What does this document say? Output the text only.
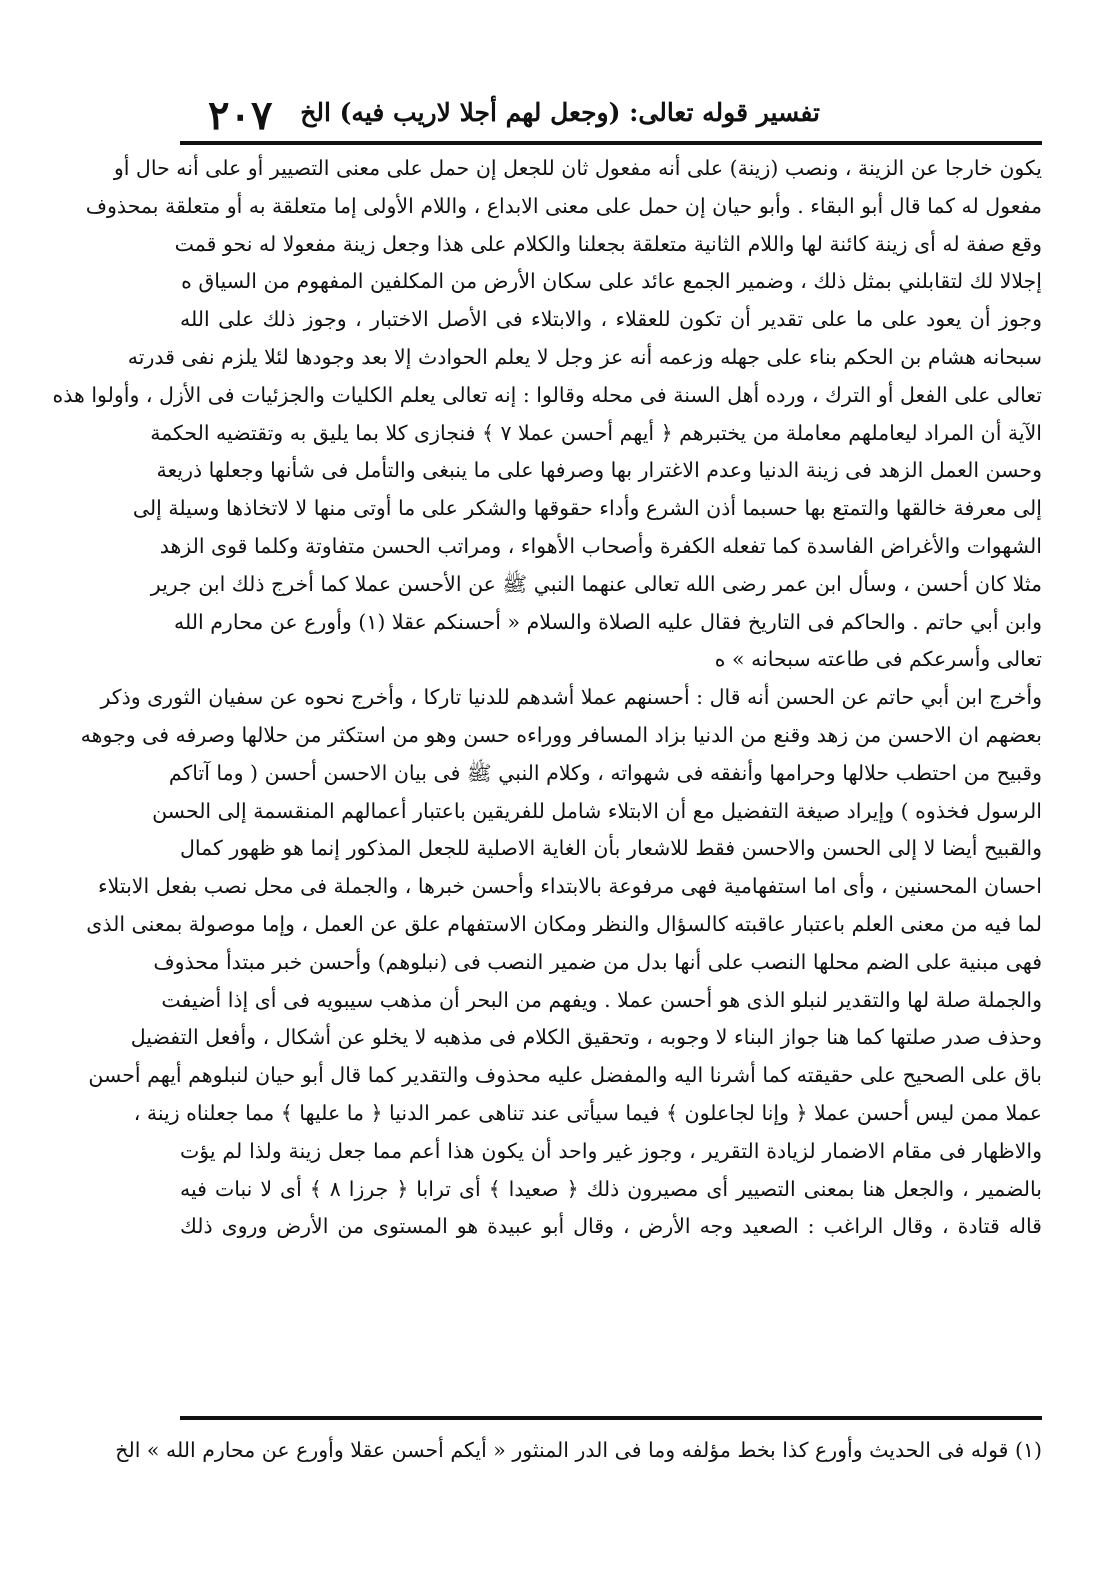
تفسير قوله تعالى: (وجعل لهم أجلا لاريب فيه) الخ
٢٠٧
يكون خارجا عن الزينة ، ونصب (زينة) على أنه مفعول ثان للجعل إن حمل على معنى التصيير أو على أنه حال أو
مفعول له كما قال أبو البقاء . وأبو حيان إن حمل على معنى الابداع ، واللام الأولى إما متعلقة به أو متعلقة بمحذوف
وقع صفة له أى زينة كائنة لها واللام الثانية متعلقة بجعلنا والكلام على هذا وجعل زينة مفعولا له نحو قمت
إجلالا لك لتقابلني بمثل ذلك ، وضمير الجمع عائد على سكان الأرض من المكلفين المفهوم من السياق ه
وجوز أن يعود على ما على تقدير أن تكون للعقلاء ، والابتلاء فى الأصل الاختبار ، وجوز ذلك على الله
سبحانه هشام بن الحكم بناء على جهله وزعمه أنه عز وجل لا يعلم الحوادث إلا بعد وجودها لئلا يلزم نفى قدرته
تعالى على الفعل أو الترك ، ورده أهل السنة فى محله وقالوا : إنه تعالى يعلم الكليات والجزئيات فى الأزل ، وأولوا هذه
الآية أن المراد ليعاملهم معاملة من يختبرهم ﴿ أيهم أحسن عملا ٧ ﴾ فنجازى كلا بما يليق به وتقتضيه الحكمة
وحسن العمل الزهد فى زينة الدنيا وعدم الاغترار بها وصرفها على ما ينبغى والتأمل فى شأنها وجعلها ذريعة
إلى معرفة خالقها والتمتع بها حسبما أذن الشرع وأداء حقوقها والشكر على ما أوتى منها لا لاتخاذها وسيلة إلى
الشهوات والأغراض الفاسدة كما تفعله الكفرة وأصحاب الأهواء ، ومراتب الحسن متفاوتة وكلما قوى الزهد
مثلا كان أحسن ، وسأل ابن عمر رضى الله تعالى عنهما النبي ﷺ عن الأحسن عملا كما أخرج ذلك ابن جرير
وابن أبي حاتم . والحاكم فى التاريخ فقال عليه الصلاة والسلام « أحسنكم عقلا (١) وأورع عن محارم الله
تعالى وأسرعكم فى طاعته سبحانه » ه
وأخرج ابن أبي حاتم عن الحسن أنه قال : أحسنهم عملا أشدهم للدنيا تاركا ، وأخرج نحوه عن سفيان الثورى وذكر
بعضهم ان الاحسن من زهد وقنع من الدنيا بزاد المسافر ووراءه حسن وهو من استكثر من حلالها وصرفه فى وجوهه
وقبيح من احتطب حلالها وحرامها وأنفقه فى شهواته ، وكلام النبي ﷺ فى بيان الاحسن أحسن ( وما آتاكم
الرسول فخذوه ) وإيراد صيغة التفضيل مع أن الابتلاء شامل للفريقين باعتبار أعمالهم المنقسمة إلى الحسن
والقبيح أيضا لا إلى الحسن والاحسن فقط للاشعار بأن الغاية الاصلية للجعل المذكور إنما هو ظهور كمال
احسان المحسنين ، وأى اما استفهامية فهى مرفوعة بالابتداء وأحسن خبرها ، والجملة فى محل نصب بفعل الابتلاء
لما فيه من معنى العلم باعتبار عاقبته كالسؤال والنظر ومكان الاستفهام علق عن العمل ، وإما موصولة بمعنى الذى
فهى مبنية على الضم محلها النصب على أنها بدل من ضمير النصب فى (نبلوهم) وأحسن خبر مبتدأ محذوف
والجملة صلة لها والتقدير لنبلو الذى هو أحسن عملا . ويفهم من البحر أن مذهب سيبويه فى أى إذا أضيفت
وحذف صدر صلتها كما هنا جواز البناء لا وجوبه ، وتحقيق الكلام فى مذهبه لا يخلو عن أشكال ، وأفعل التفضيل
باق على الصحيح على حقيقته كما أشرنا اليه والمفضل عليه محذوف والتقدير كما قال أبو حيان لنبلوهم أيهم أحسن
عملا ممن ليس أحسن عملا ﴿ وإنا لجاعلون ﴾ فيما سيأتى عند تناهى عمر الدنيا ﴿ ما عليها ﴾ مما جعلناه زينة ،
والاظهار فى مقام الاضمار لزيادة التقرير ، وجوز غير واحد أن يكون هذا أعم مما جعل زينة ولذا لم يؤت
بالضمير ، والجعل هنا بمعنى التصيير أى مصيرون ذلك ﴿ صعيدا ﴾ أى ترابا ﴿ جرزا ٨ ﴾ أى لا نبات فيه
قاله قتادة ، وقال الراغب : الصعيد وجه الأرض ، وقال أبو عبيدة هو المستوى من الأرض وروى ذلك
(١) قوله فى الحديث وأورع كذا بخط مؤلفه وما فى الدر المنثور « أيكم أحسن عقلا وأورع عن محارم الله » الخ
